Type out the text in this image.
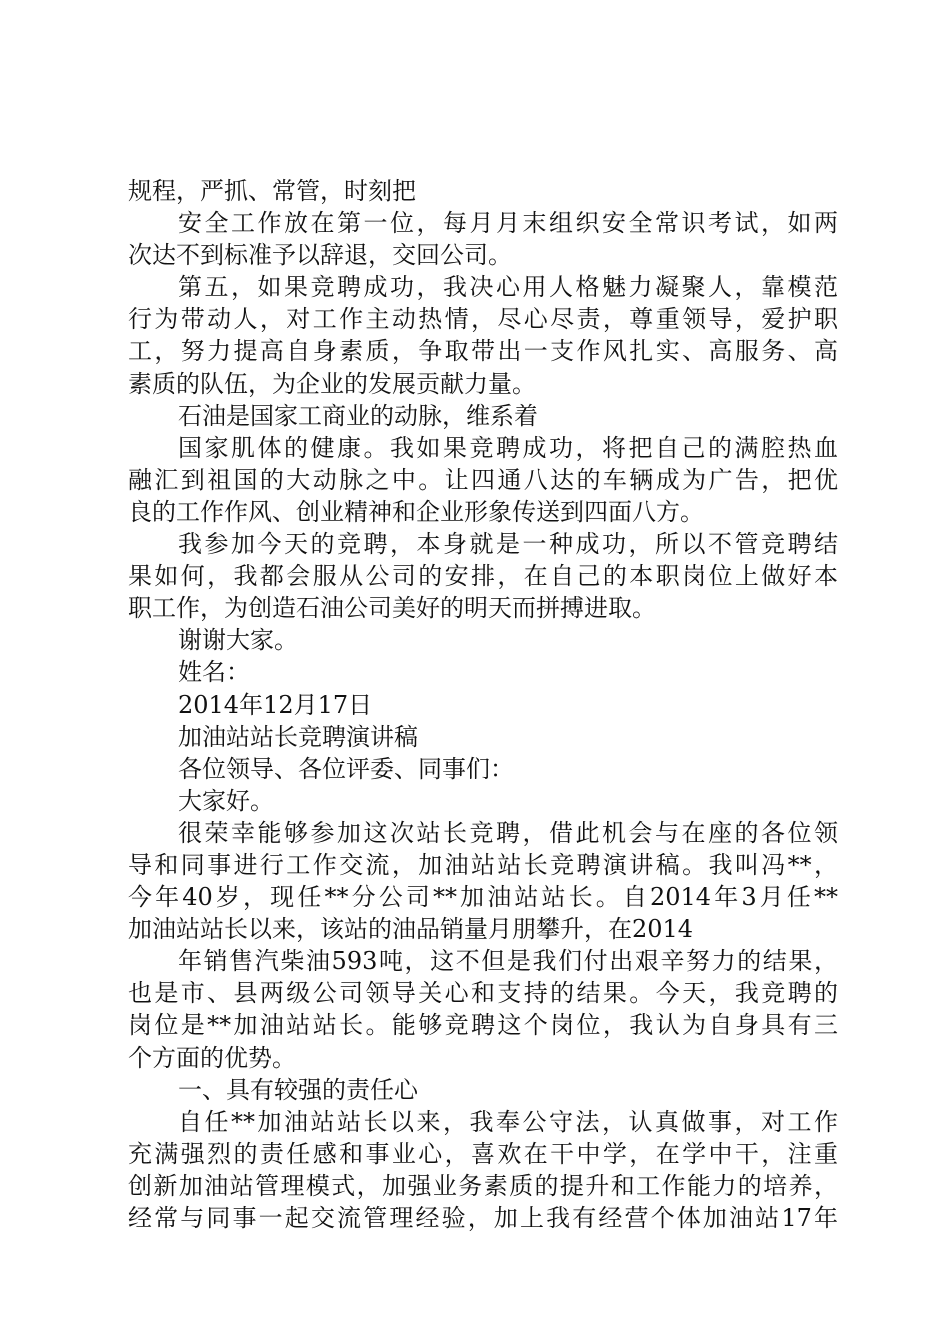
规程，严抓、常管，时刻把
安全工作放在第一位，每月月末组织安全常识考试，如两
次达不到标准予以辞退，交回公司。
第五，如果竞聘成功，我决心用人格魅力凝聚人，靠模范
行为带动人，对工作主动热情，尽心尽责，尊重领导，爱护职
工，努力提高自身素质，争取带出一支作风扎实、高服务、高
素质的队伍，为企业的发展贡献力量。
石油是国家工商业的动脉，维系着
国家肌体的健康。我如果竞聘成功，将把自己的满腔热血
融汇到祖国的大动脉之中。让四通八达的车辆成为广告，把优
良的工作作风、创业精神和企业形象传送到四面八方。
我参加今天的竞聘，本身就是一种成功，所以不管竞聘结
果如何，我都会服从公司的安排，在自己的本职岗位上做好本
职工作，为创造石油公司美好的明天而拼搏进取。
谢谢大家。
姓名：
2014年12月17日
加油站站长竞聘演讲稿
各位领导、各位评委、同事们：
大家好。
很荣幸能够参加这次站长竞聘，借此机会与在座的各位领
导和同事进行工作交流，加油站站长竞聘演讲稿。我叫冯**，
今年40岁，现任**分公司**加油站站长。自2014年3月任**
加油站站长以来，该站的油品销量月朋攀升，在2014
年销售汽柴油593吨，这不但是我们付出艰辛努力的结果，
也是市、县两级公司领导关心和支持的结果。今天，我竞聘的
岗位是**加油站站长。能够竞聘这个岗位，我认为自身具有三
个方面的优势。
一、具有较强的责任心
自任**加油站站长以来，我奉公守法，认真做事，对工作
充满强烈的责任感和事业心，喜欢在干中学，在学中干，注重
创新加油站管理模式，加强业务素质的提升和工作能力的培养，
经常与同事一起交流管理经验，加上我有经营个体加油站17年
